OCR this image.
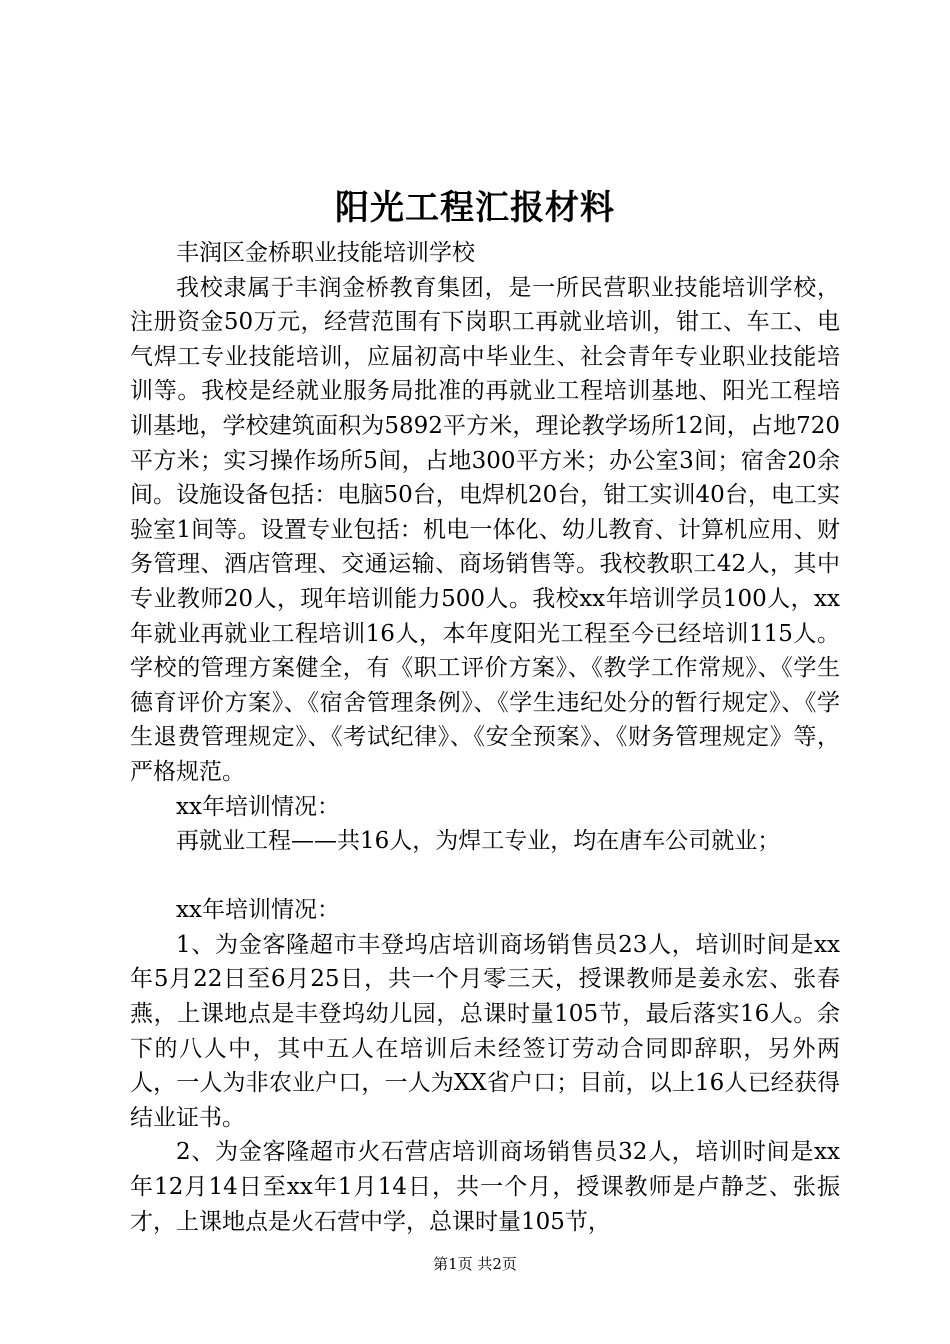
阳光工程汇报材料

丰润区金桥职业技能培训学校

我校隶属于丰润金桥教育集团，是一所民营职业技能培训学校，注册资金50万元，经营范围有下岗职工再就业培训，钳工、车工、电气焊工专业技能培训，应届初高中毕业生、社会青年专业职业技能培训等。我校是经就业服务局批准的再就业工程培训基地、阳光工程培训基地，学校建筑面积为5892平方米，理论教学场所12间，占地720平方米；实习操作场所5间，占地300平方米；办公室3间；宿舍20余间。设施设备包括：电脑50台，电焊机20台，钳工实训40台，电工实验室1间等。设置专业包括：机电一体化、幼儿教育、计算机应用、财务管理、酒店管理、交通运输、商场销售等。我校教职工42人，其中专业教师20人，现年培训能力500人。我校xx年培训学员100人，xx年就业再就业工程培训16人，本年度阳光工程至今已经培训115人。学校的管理方案健全，有《职工评价方案》、《教学工作常规》、《学生德育评价方案》、《宿舍管理条例》、《学生违纪处分的暂行规定》、《学生退费管理规定》、《考试纪律》、《安全预案》、《财务管理规定》等，严格规范。

xx年培训情况：

再就业工程——共16人，为焊工专业，均在唐车公司就业；

xx年培训情况：

1、为金客隆超市丰登坞店培训商场销售员23人，培训时间是xx年5月22日至6月25日，共一个月零三天，授课教师是姜永宏、张春燕，上课地点是丰登坞幼儿园，总课时量105节，最后落实16人。余下的八人中，其中五人在培训后未经签订劳动合同即辞职，另外两人，一人为非农业户口，一人为XX省户口；目前，以上16人已经获得结业证书。

2、为金客隆超市火石营店培训商场销售员32人，培训时间是xx年12月14日至xx年1月14日，共一个月，授课教师是卢静芝、张振才，上课地点是火石营中学，总课时量105节，

第1页 共2页
